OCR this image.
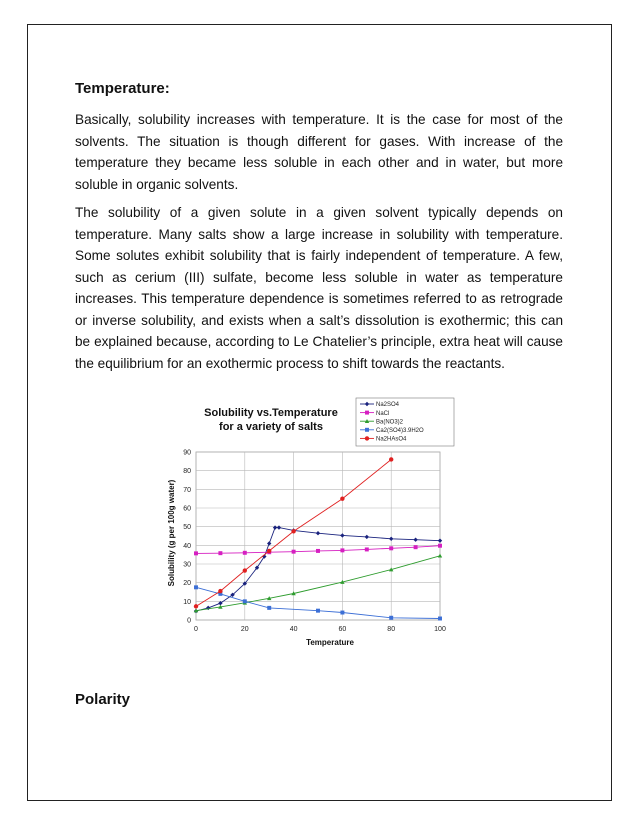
Temperature:
Basically, solubility increases with temperature. It is the case for most of the solvents. The situation is though different for gases. With increase of the temperature they became less soluble in each other and in water, but more soluble in organic solvents.
The solubility of a given solute in a given solvent typically depends on temperature. Many salts show a large increase in solubility with temperature. Some solutes exhibit solubility that is fairly independent of temperature. A few, such as cerium (III) sulfate, become less soluble in water as temperature increases. This temperature dependence is sometimes referred to as retrograde or inverse solubility, and exists when a salt’s dissolution is exothermic; this can be explained because, according to Le Chatelier’s principle, extra heat will cause the equilibrium for an exothermic process to shift towards the reactants.
Solubility vs.Temperature
for a variety of salts
0
10
20
30
40
50
60
70
80
90
0	20	40	60	80	100
Temperature
Solubility (g per 100g water)
Na2SO4
NaCl
Ba(NO3)2
Ca2(SO4)3.9H2O
Na2HAsO4
Polarity
